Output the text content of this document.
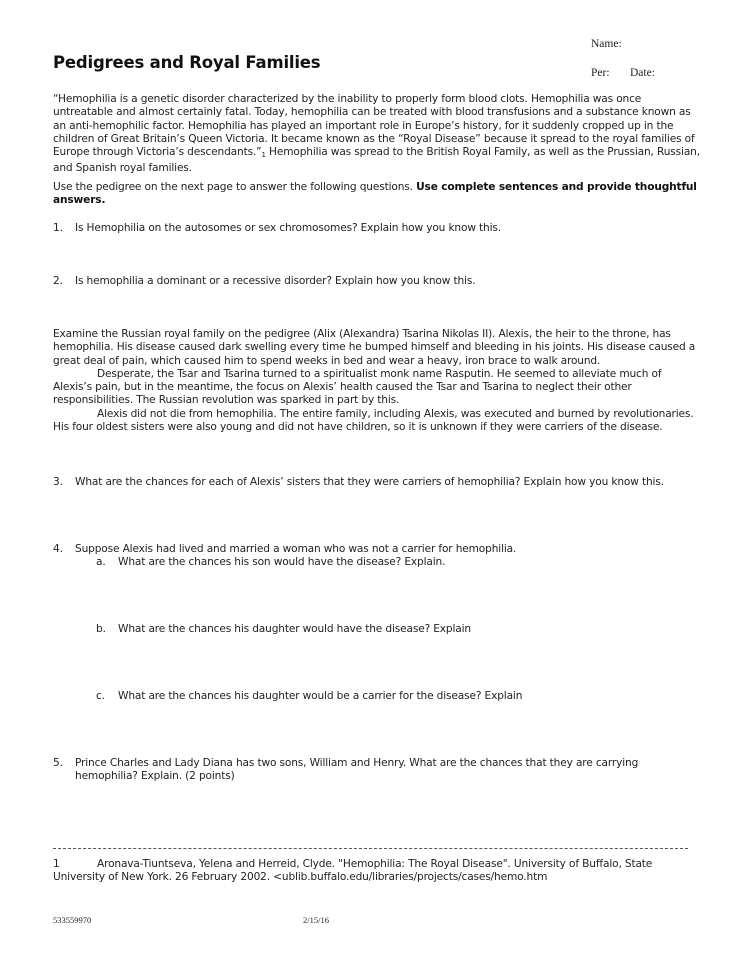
Name:
Per: Date:
Pedigrees and Royal Families
“Hemophilia is a genetic disorder characterized by the inability to properly form blood clots. Hemophilia was once untreatable and almost certainly fatal. Today, hemophilia can be treated with blood transfusions and a substance known as an anti-hemophilic factor. Hemophilia has played an important role in Europe’s history, for it suddenly cropped up in the children of Great Britain’s Queen Victoria. It became known as the “Royal Disease” because it spread to the royal families of Europe through Victoria’s $descendants.”_1$ Hemophilia was spread to the British Royal Family, as well as the Prussian, Russian, and Spanish royal families.
Use the pedigree on the next page to answer the following questions. Use complete sentences and provide thoughtful answers.
1. Is Hemophilia on the autosomes or sex chromosomes? Explain how you know this.
2. Is hemophilia a dominant or a recessive disorder? Explain how you know this.

Examine the Russian royal family on the pedigree (Alix (Alexandra) Tsarina Nikolas II). Alexis, the heir to the throne, has hemophilia. His disease caused dark swelling every time he bumped himself and bleeding in his joints. His disease caused a great deal of pain, which caused him to spend weeks in bed and wear a heavy, iron brace to walk around.

Desperate, the Tsar and Tsarina turned to a spiritualist monk name Rasputin. He seemed to alleviate much of Alexis’s pain, but in the meantime, the focus on Alexis’ health caused the Tsar and Tsarina to neglect their other responsibilities. The Russian revolution was sparked in part by this.

Alexis did not die from hemophilia. The entire family, including Alexis, was executed and burned by revolutionaries. His four oldest sisters were also young and did not have children, so it is unknown if they were carriers of the disease.

3. What are the chances for each of Alexis’ sisters that they were carriers of hemophilia? Explain how you know this.
4. Suppose Alexis had lived and married a woman who was not a carrier for hemophilia.
a. What are the chances his son would have the disease? Explain.
b. What are the chances his daughter would have the disease? Explain
c. What are the chances his daughter would be a carrier for the disease? Explain
5. Prince Charles and Lady Diana has two sons, William and Henry. What are the chances that they are carrying hemophilia? Explain. (2 points)
1	Aronava-Tiuntseva, Yelena and Herreid, Clyde. "Hemophilia: The Royal Disease". University of Buffalo, State University of New York. 26 February 2002. <ublib.buffalo.edu/libraries/projects/cases/hemo.htm
533559970	2/15/16
